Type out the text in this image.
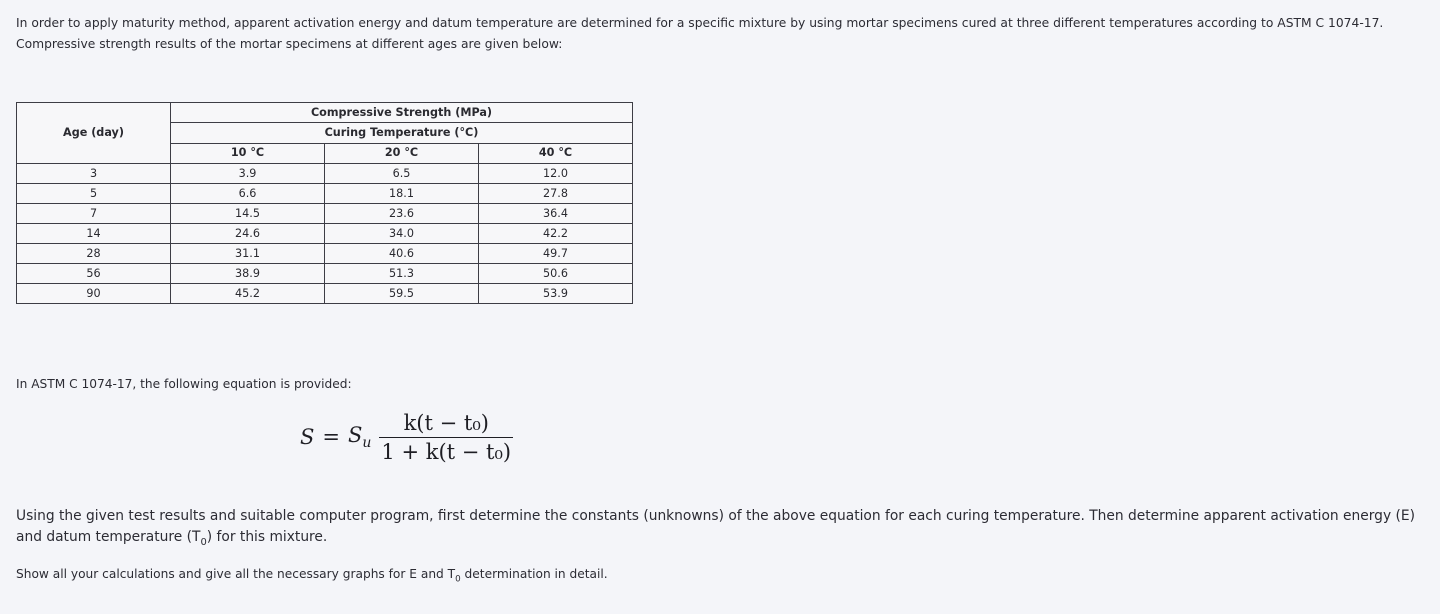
In order to apply maturity method, apparent activation energy and datum temperature are determined for a specific mixture by using mortar specimens cured at three different temperatures according to ASTM C 1074-17. Compressive strength results of the mortar specimens at different ages are given below:

Age (day)	Compressive Strength (MPa)		
	Curing Temperature (°C)		
	10 °C	20 °C	40 °C
3	3.9	6.5	12.0
5	6.6	18.1	27.8
7	14.5	23.6	36.4
14	24.6	34.0	42.2
28	31.1	40.6	49.7
56	38.9	51.3	50.6
90	45.2	59.5	53.9

In ASTM C 1074-17, the following equation is provided:

$S = S_u \frac{\text{k(t − t₀)}}{\text{1 + k(t − t₀)}}$

Using the given test results and suitable computer program, first determine the constants (unknowns) of the above equation for each curing temperature. Then determine apparent activation energy (E) and datum temperature $(T_0)$ for this mixture.

Show all your calculations and give all the necessary graphs for E and $T_0$ determination in detail.
